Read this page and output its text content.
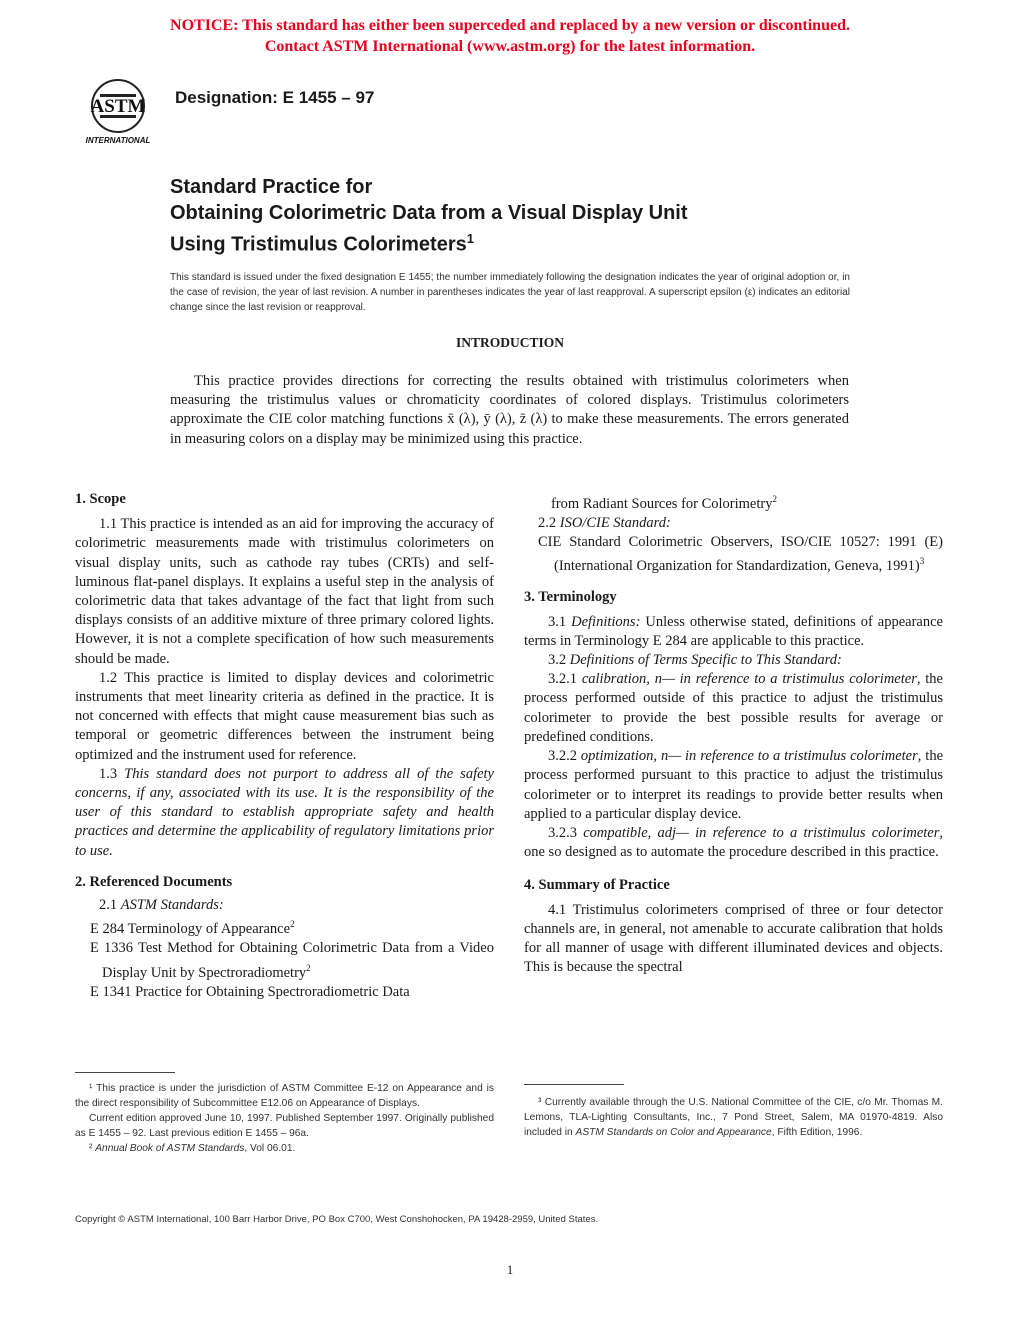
NOTICE: This standard has either been superceded and replaced by a new version or discontinued.
Contact ASTM International (www.astm.org) for the latest information.
ASTM
INTERNATIONAL
Designation: E 1455 – 97
Standard Practice for
Obtaining Colorimetric Data from a Visual Display Unit
Using Tristimulus Colorimeters$^1$
This standard is issued under the fixed designation E 1455; the number immediately following the designation indicates the year of original adoption or, in the case of revision, the year of last revision. A number in parentheses indicates the year of last reapproval. A superscript epsilon (ε) indicates an editorial change since the last revision or reapproval.
INTRODUCTION
This practice provides directions for correcting the results obtained with tristimulus colorimeters when measuring the tristimulus values or chromaticity coordinates of colored displays. Tristimulus colorimeters approximate the CIE color matching functions x̄ (λ), ȳ (λ), z̄ (λ) to make these measurements. The errors generated in measuring colors on a display may be minimized using this practice.

1. Scope

1.1 This practice is intended as an aid for improving the accuracy of colorimetric measurements made with tristimulus colorimeters on visual display units, such as cathode ray tubes (CRTs) and self-luminous flat-panel displays. It explains a useful step in the analysis of colorimetric data that takes advantage of the fact that light from such displays consists of an additive mixture of three primary colored lights. However, it is not a complete specification of how such measurements should be made.

1.2 This practice is limited to display devices and colorimetric instruments that meet linearity criteria as defined in the practice. It is not concerned with effects that might cause measurement bias such as temporal or geometric differences between the instrument being optimized and the instrument used for reference.

1.3 This standard does not purport to address all of the safety concerns, if any, associated with its use. It is the responsibility of the user of this standard to establish appropriate safety and health practices and determine the applicability of regulatory limitations prior to use.

2. Referenced Documents

2.1 ASTM Standards:

E 284 Terminology of Appearance$^2$

E 1336 Test Method for Obtaining Colorimetric Data from a Video Display Unit by Spectroradiometry$^2$

E 1341 Practice for Obtaining Spectroradiometric Data

from Radiant Sources for Colorimetry$^2$

2.2 ISO/CIE Standard:

CIE Standard Colorimetric Observers, ISO/CIE 10527: 1991 (E) (International Organization for Standardization, Geneva, 1991)$^3$

3. Terminology

3.1 Definitions: Unless otherwise stated, definitions of appearance terms in Terminology E 284 are applicable to this practice.

3.2 Definitions of Terms Specific to This Standard:

3.2.1 calibration, n— in reference to a tristimulus colorimeter, the process performed outside of this practice to adjust the tristimulus colorimeter to provide the best possible results for average or predefined conditions.

3.2.2 optimization, n— in reference to a tristimulus colorimeter, the process performed pursuant to this practice to adjust the tristimulus colorimeter or to interpret its readings to provide better results when applied to a particular display device.

3.2.3 compatible, adj— in reference to a tristimulus colorimeter, one so designed as to automate the procedure described in this practice.

4. Summary of Practice

4.1 Tristimulus colorimeters comprised of three or four detector channels are, in general, not amenable to accurate calibration that holds for all manner of usage with different illuminated devices and objects. This is because the spectral

¹ This practice is under the jurisdiction of ASTM Committee E-12 on Appearance and is the direct responsibility of Subcommittee E12.06 on Appearance of Displays.

Current edition approved June 10, 1997. Published September 1997. Originally published as E 1455 – 92. Last previous edition E 1455 – 96a.

² Annual Book of ASTM Standards, Vol 06.01.

³ Currently available through the U.S. National Committee of the CIE, c/o Mr. Thomas M. Lemons, TLA-Lighting Consultants, Inc., 7 Pond Street, Salem, MA 01970-4819. Also included in ASTM Standards on Color and Appearance, Fifth Edition, 1996.

Copyright © ASTM International, 100 Barr Harbor Drive, PO Box C700, West Conshohocken, PA 19428-2959, United States.
1
